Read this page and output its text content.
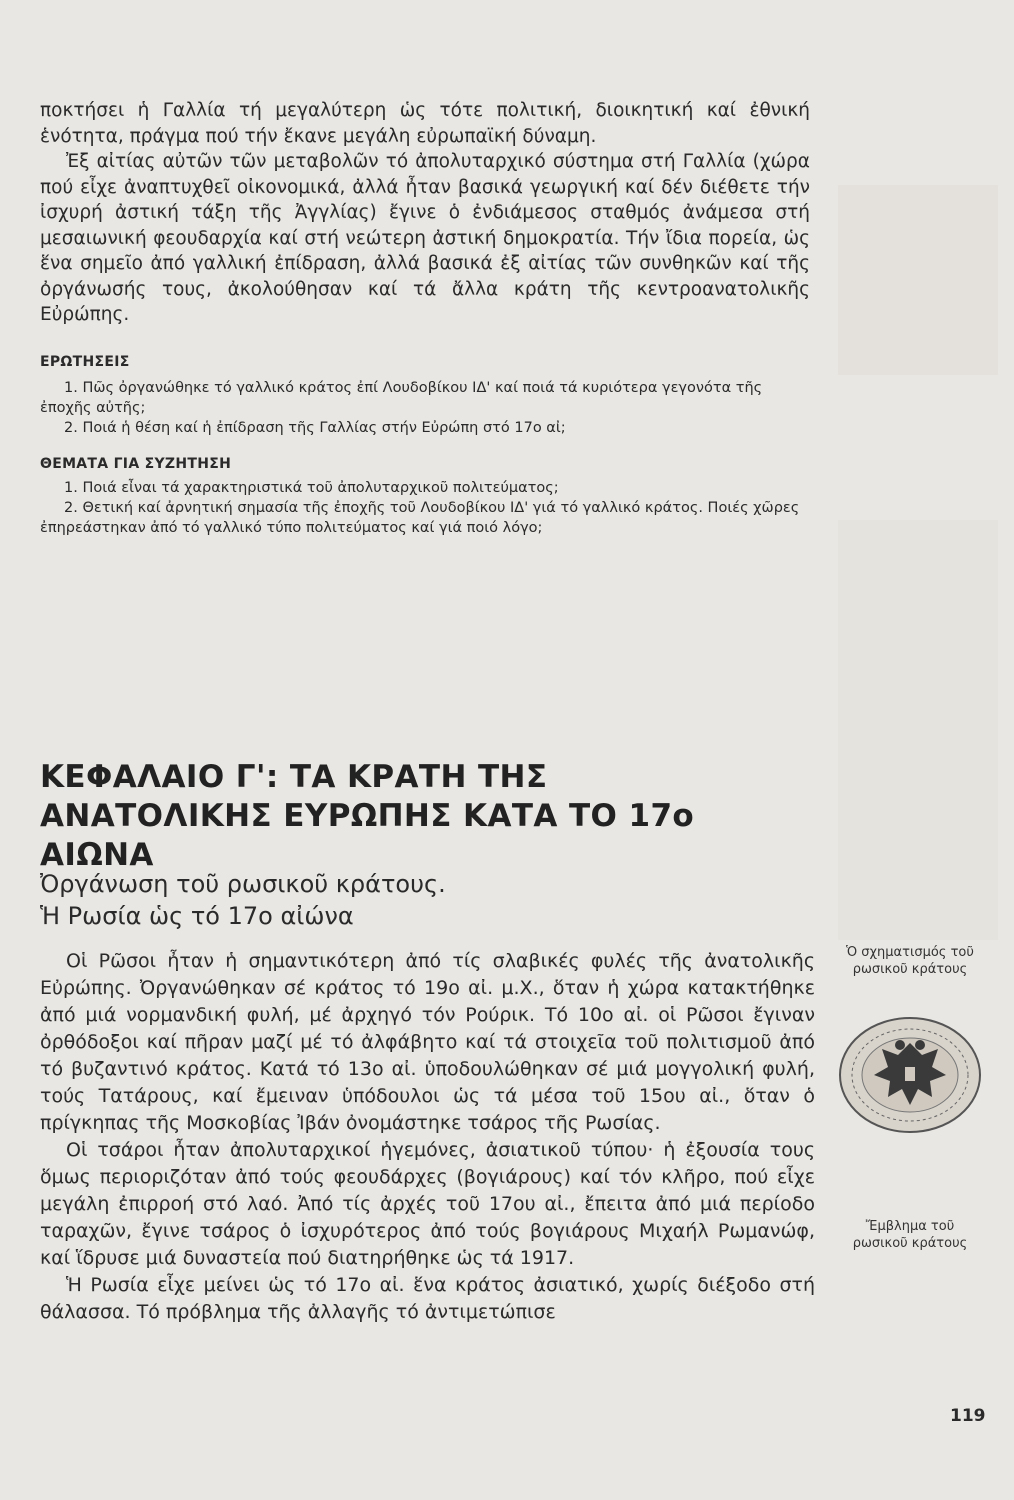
ποκτήσει ἡ Γαλλία τή μεγαλύτερη ὡς τότε πολιτική, διοικητική καί ἐθνική ἑνότητα, πράγμα πού τήν ἔκανε μεγάλη εὐρωπαϊκή δύναμη.

Ἐξ αἰτίας αὐτῶν τῶν μεταβολῶν τό ἀπολυταρχικό σύστημα στή Γαλλία (χώρα πού εἶχε ἀναπτυχθεῖ οἰκονομικά, ἀλλά ἦταν βασικά γεωργική καί δέν διέθετε τήν ἰσχυρή ἀστική τάξη τῆς Ἀγγλίας) ἔγινε ὁ ἐνδιάμεσος σταθμός ἀνάμεσα στή μεσαιωνική φεουδαρχία καί στή νεώτερη ἀστική δημοκρατία. Τήν ἴδια πορεία, ὡς ἕνα σημεῖο ἀπό γαλλική ἐπίδραση, ἀλλά βασικά ἐξ αἰτίας τῶν συνθηκῶν καί τῆς ὀργάνωσής τους, ἀκολούθησαν καί τά ἄλλα κράτη τῆς κεντροανατολικῆς Εὐρώπης.

ΕΡΩΤΗΣΕΙΣ

1. Πῶς ὀργανώθηκε τό γαλλικό κράτος ἐπί Λουδοβίκου ΙΔ' καί ποιά τά κυριότερα γεγονότα τῆς ἐποχῆς αὐτῆς;
2. Ποιά ἡ θέση καί ἡ ἐπίδραση τῆς Γαλλίας στήν Εὐρώπη στό 17ο αἰ;

ΘΕΜΑΤΑ ΓΙΑ ΣΥΖΗΤΗΣΗ

1. Ποιά εἶναι τά χαρακτηριστικά τοῦ ἀπολυταρχικοῦ πολιτεύματος;
2. Θετική καί ἀρνητική σημασία τῆς ἐποχῆς τοῦ Λουδοβίκου ΙΔ' γιά τό γαλλικό κράτος. Ποιές χῶρες ἐπηρεάστηκαν ἀπό τό γαλλικό τύπο πολιτεύματος καί γιά ποιό λόγο;
ΚΕΦΑΛΑΙΟ Γ': ΤΑ ΚΡΑΤΗ ΤΗΣ
ΑΝΑΤΟΛΙΚΗΣ ΕΥΡΩΠΗΣ ΚΑΤΑ ΤΟ 17ο ΑΙΩΝΑ
Ὀργάνωση τοῦ ρωσικοῦ κράτους.
Ἡ Ρωσία ὡς τό 17ο αἰώνα

Οἱ Ρῶσοι ἦταν ἡ σημαντικότερη ἀπό τίς σλαβικές φυλές τῆς ἀνατολικῆς Εὐρώπης. Ὀργανώθηκαν σέ κράτος τό 19ο αἰ. μ.Χ., ὅταν ἡ χώρα κατακτήθηκε ἀπό μιά νορμανδική φυλή, μέ ἀρχηγό τόν Ρούρικ. Τό 10ο αἰ. οἱ Ρῶσοι ἔγιναν ὀρθόδοξοι καί πῆραν μαζί μέ τό ἀλφάβητο καί τά στοιχεῖα τοῦ πολιτισμοῦ ἀπό τό βυζαντινό κράτος. Κατά τό 13ο αἰ. ὑποδουλώθηκαν σέ μιά μογγολική φυλή, τούς Τατάρους, καί ἔμειναν ὑπόδουλοι ὡς τά μέσα τοῦ 15ου αἰ., ὅταν ὁ πρίγκηπας τῆς Μοσκοβίας Ἰβάν ὀνομάστηκε τσάρος τῆς Ρωσίας.

Οἱ τσάροι ἦταν ἀπολυταρχικοί ἡγεμόνες, ἀσιατικοῦ τύπου· ἡ ἐξουσία τους ὅμως περιοριζόταν ἀπό τούς φεουδάρχες (βογιάρους) καί τόν κλῆρο, πού εἶχε μεγάλη ἐπιρροή στό λαό. Ἀπό τίς ἀρχές τοῦ 17ου αἰ., ἔπειτα ἀπό μιά περίοδο ταραχῶν, ἔγινε τσάρος ὁ ἰσχυρότερος ἀπό τούς βογιάρους Μιχαήλ Ρωμανώφ, καί ἵδρυσε μιά δυναστεία πού διατηρήθηκε ὡς τά 1917.

Ἡ Ρωσία εἶχε μείνει ὡς τό 17ο αἰ. ἕνα κράτος ἀσιατικό, χωρίς διέξοδο στή θάλασσα. Τό πρόβλημα τῆς ἀλλαγῆς τό ἀντιμετώπισε

Ὁ σχηματισμός τοῦ ρωσικοῦ κράτους
Ἔμβλημα τοῦ ρωσικοῦ κράτους
119
